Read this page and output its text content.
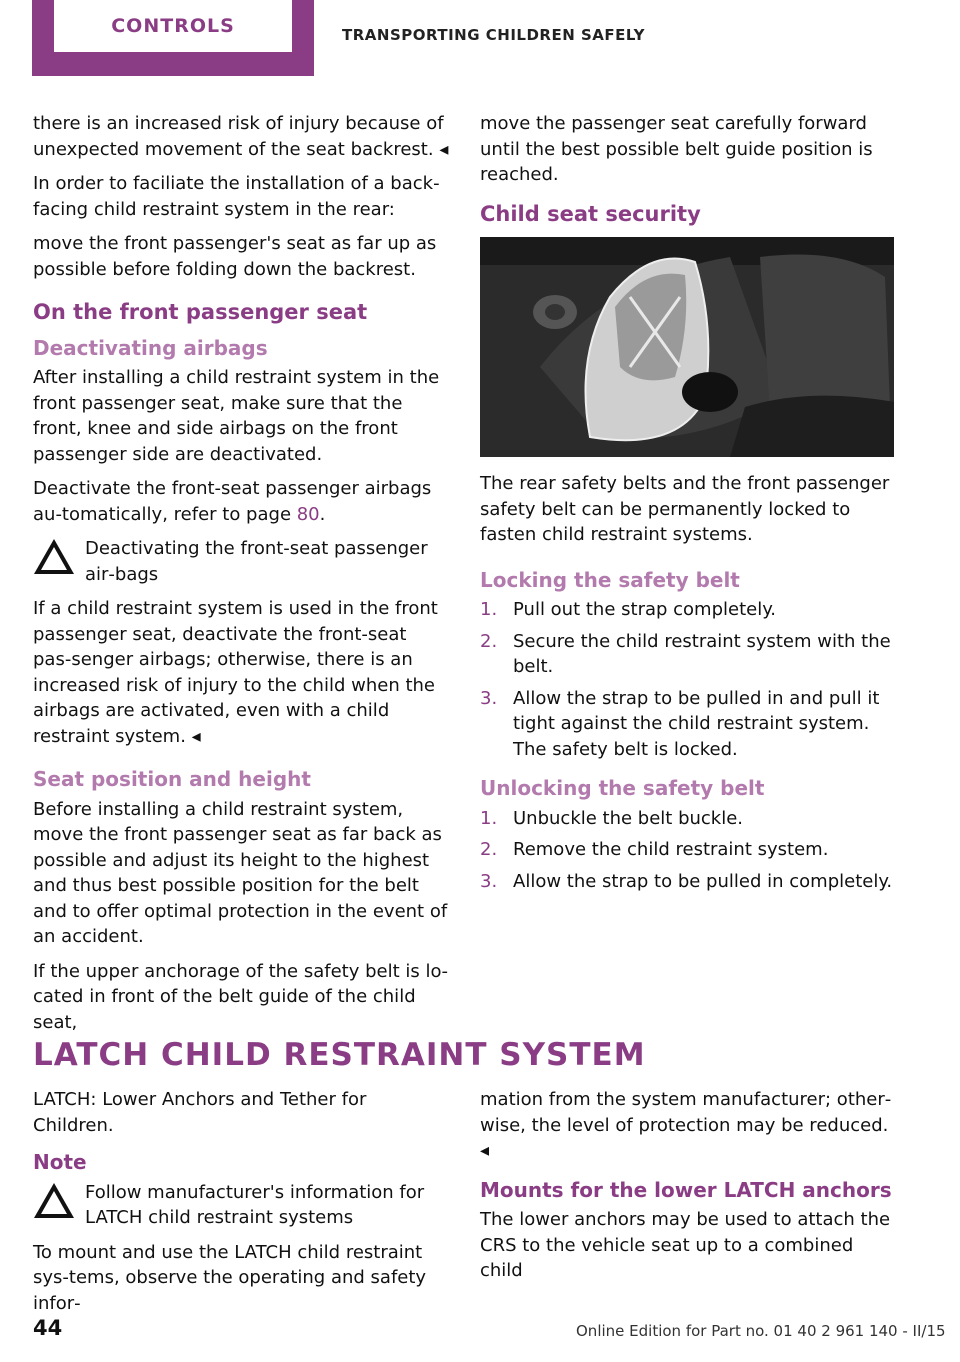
CONTROLS	TRANSPORTING CHILDREN SAFELY

there is an increased risk of injury because of unexpected movement of the seat backrest. ◂

In order to faciliate the installation of a back-facing child restraint system in the rear:

move the front passenger's seat as far up as possible before folding down the backrest.

On the front passenger seat
Deactivating airbags

After installing a child restraint system in the front passenger seat, make sure that the front, knee and side airbags on the front passenger side are deactivated.

Deactivate the front-seat passenger airbags au‐tomatically, refer to page 80.

Deactivating the front-seat passenger air‐bags

If a child restraint system is used in the front passenger seat, deactivate the front-seat pas‐senger airbags; otherwise, there is an increased risk of injury to the child when the airbags are activated, even with a child restraint system. ◂

Seat position and height

Before installing a child restraint system, move the front passenger seat as far back as possible and adjust its height to the highest and thus best possible position for the belt and to offer optimal protection in the event of an accident.

If the upper anchorage of the safety belt is lo‐cated in front of the belt guide of the child seat,

move the passenger seat carefully forward until the best possible belt guide position is reached.

Child seat security

The rear safety belts and the front passenger safety belt can be permanently locked to fasten child restraint systems.

Locking the safety belt
1. Pull out the strap completely.
2. Secure the child restraint system with the belt.
3. Allow the strap to be pulled in and pull it tight against the child restraint system. The safety belt is locked.
Unlocking the safety belt
1. Unbuckle the belt buckle.
2. Remove the child restraint system.
3. Allow the strap to be pulled in completely.
LATCH CHILD RESTRAINT SYSTEM

LATCH: Lower Anchors and Tether for Children.

Note
Follow manufacturer's information for LATCH child restraint systems

To mount and use the LATCH child restraint sys‐tems, observe the operating and safety infor‐

mation from the system manufacturer; other‐wise, the level of protection may be reduced. ◂

Mounts for the lower LATCH anchors

The lower anchors may be used to attach the CRS to the vehicle seat up to a combined child

44	Online Edition for Part no. 01 40 2 961 140 - II/15
